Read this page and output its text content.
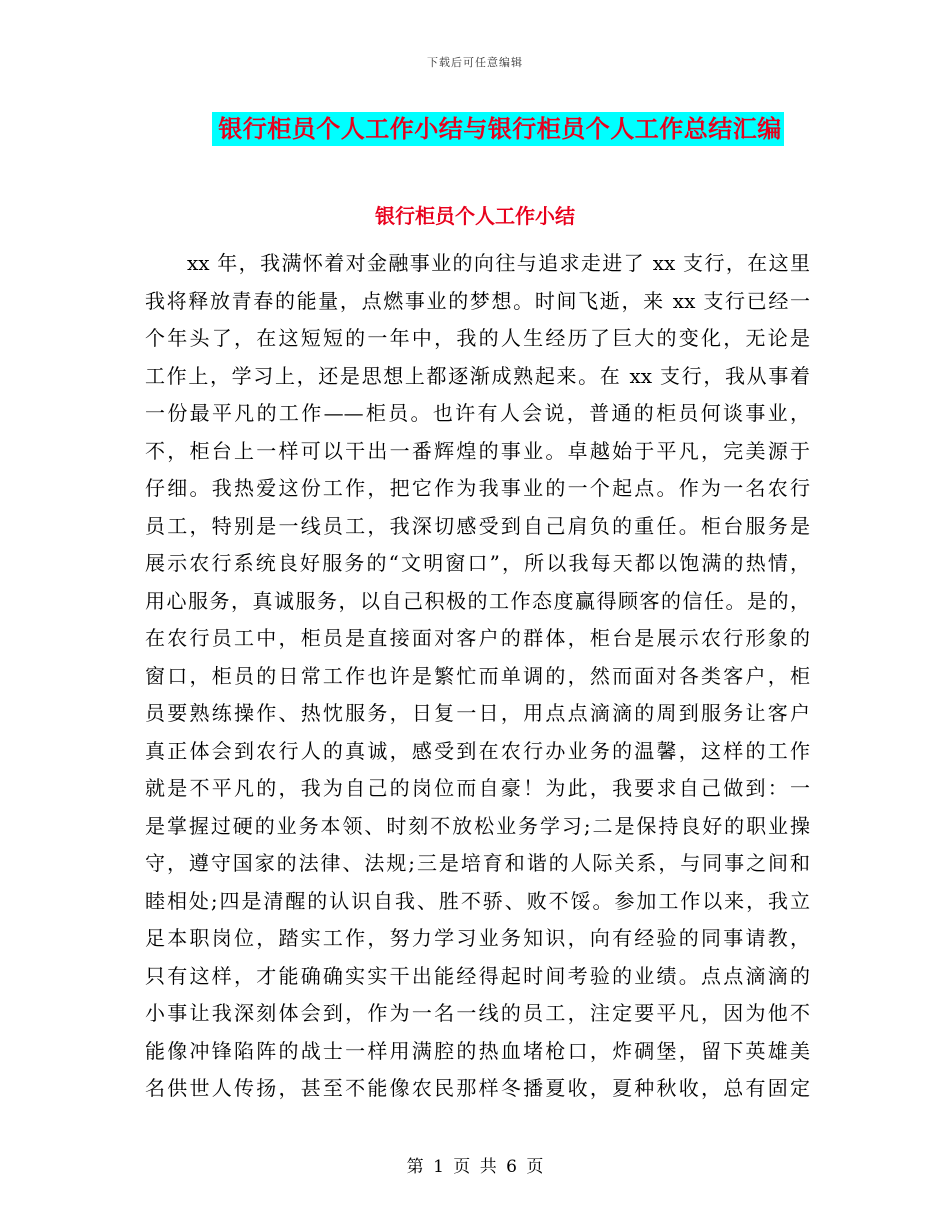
下载后可任意编辑
银行柜员个人工作小结与银行柜员个人工作总结汇编
银行柜员个人工作小结
xx 年，我满怀着对金融事业的向往与追求走进了 xx 支行，在这里
我将释放青春的能量，点燃事业的梦想。时间飞逝，来 xx 支行已经一
个年头了，在这短短的一年中，我的人生经历了巨大的变化，无论是
工作上，学习上，还是思想上都逐渐成熟起来。在 xx 支行，我从事着
一份最平凡的工作——柜员。也许有人会说，普通的柜员何谈事业，
不，柜台上一样可以干出一番辉煌的事业。卓越始于平凡，完美源于
仔细。我热爱这份工作，把它作为我事业的一个起点。作为一名农行
员工，特别是一线员工，我深切感受到自己肩负的重任。柜台服务是
展示农行系统良好服务的“文明窗口”，所以我每天都以饱满的热情，
用心服务，真诚服务，以自己积极的工作态度赢得顾客的信任。是的，
在农行员工中，柜员是直接面对客户的群体，柜台是展示农行形象的
窗口，柜员的日常工作也许是繁忙而单调的，然而面对各类客户，柜
员要熟练操作、热忱服务，日复一日，用点点滴滴的周到服务让客户
真正体会到农行人的真诚，感受到在农行办业务的温馨，这样的工作
就是不平凡的，我为自己的岗位而自豪！为此，我要求自己做到：一
是掌握过硬的业务本领、时刻不放松业务学习;二是保持良好的职业操
守，遵守国家的法律、法规;三是培育和谐的人际关系，与同事之间和
睦相处;四是清醒的认识自我、胜不骄、败不馁。参加工作以来，我立
足本职岗位，踏实工作，努力学习业务知识，向有经验的同事请教，
只有这样，才能确确实实干出能经得起时间考验的业绩。点点滴滴的
小事让我深刻体会到，作为一名一线的员工，注定要平凡，因为他不
能像冲锋陷阵的战士一样用满腔的热血堵枪口，炸碉堡，留下英雄美
名供世人传扬，甚至不能像农民那样冬播夏收，夏种秋收，总有固定
第 1 页 共 6 页
